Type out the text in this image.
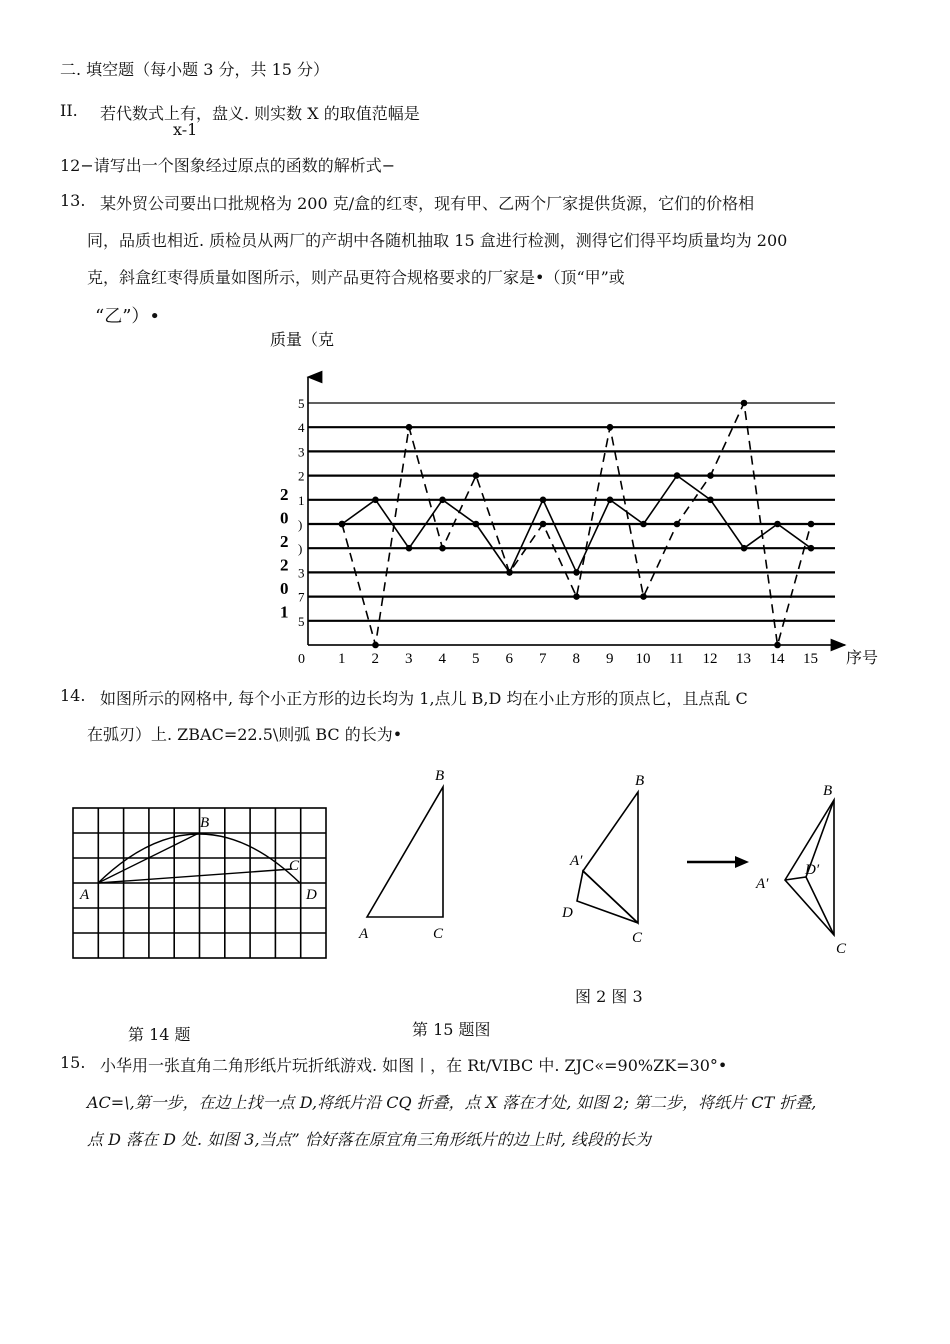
二. 填空题（每小题 3 分，共 15 分）
II. 若代数式上有，盘义. 则实数 X 的取值范幅是
x-1
12−请写出一个图象经过原点的函数的解析式−
13. 某外贸公司要出口批规格为 200 克/盒的红枣，现有甲、乙两个厂家提供货源，它们的价格相
同，品质也相近. 质检员从两厂的产胡中各随机抽取 15 盒进行检测，测得它们得平均质量均为 200
克，斜盒红枣得质量如图所示，则产品更符合规格要求的厂家是•（顶“甲”或
“乙”）•
5
4
3
2
1
)
)
3
7
5
2
0
2
2
0
1
1 2 3 4 5 6 7 8 9 10 11 12 13 14 15
质量（克
序号
0
14. 如图所示的网格中, 每个小正方形的边长均为 1,点儿 B,D 均在小止方形的顶点匕，且点乱 C
在弧刃）上. ZBAC=22.5\则弧 BC 的长为•
A
B
C
D
B
A	C
B
A′
D
C
B
A′
D′
C
图 2 图 3
第 14 题	第 15 题图
15. 小华用一张直角二角形纸片玩折纸游戏. 如图丨，在 Rt/VIBC 中. ZJC«=90%ZK=30°•
AC=\,第一步，在边上找一点 D,将纸片沿 CQ 折叠，点 X 落在才处, 如图 2; 第二步，将纸片 CT 折叠,
点 D 落在 D 处. 如图 3,当点” 恰好落在原宜角三角形纸片的边上时, 线段的长为
